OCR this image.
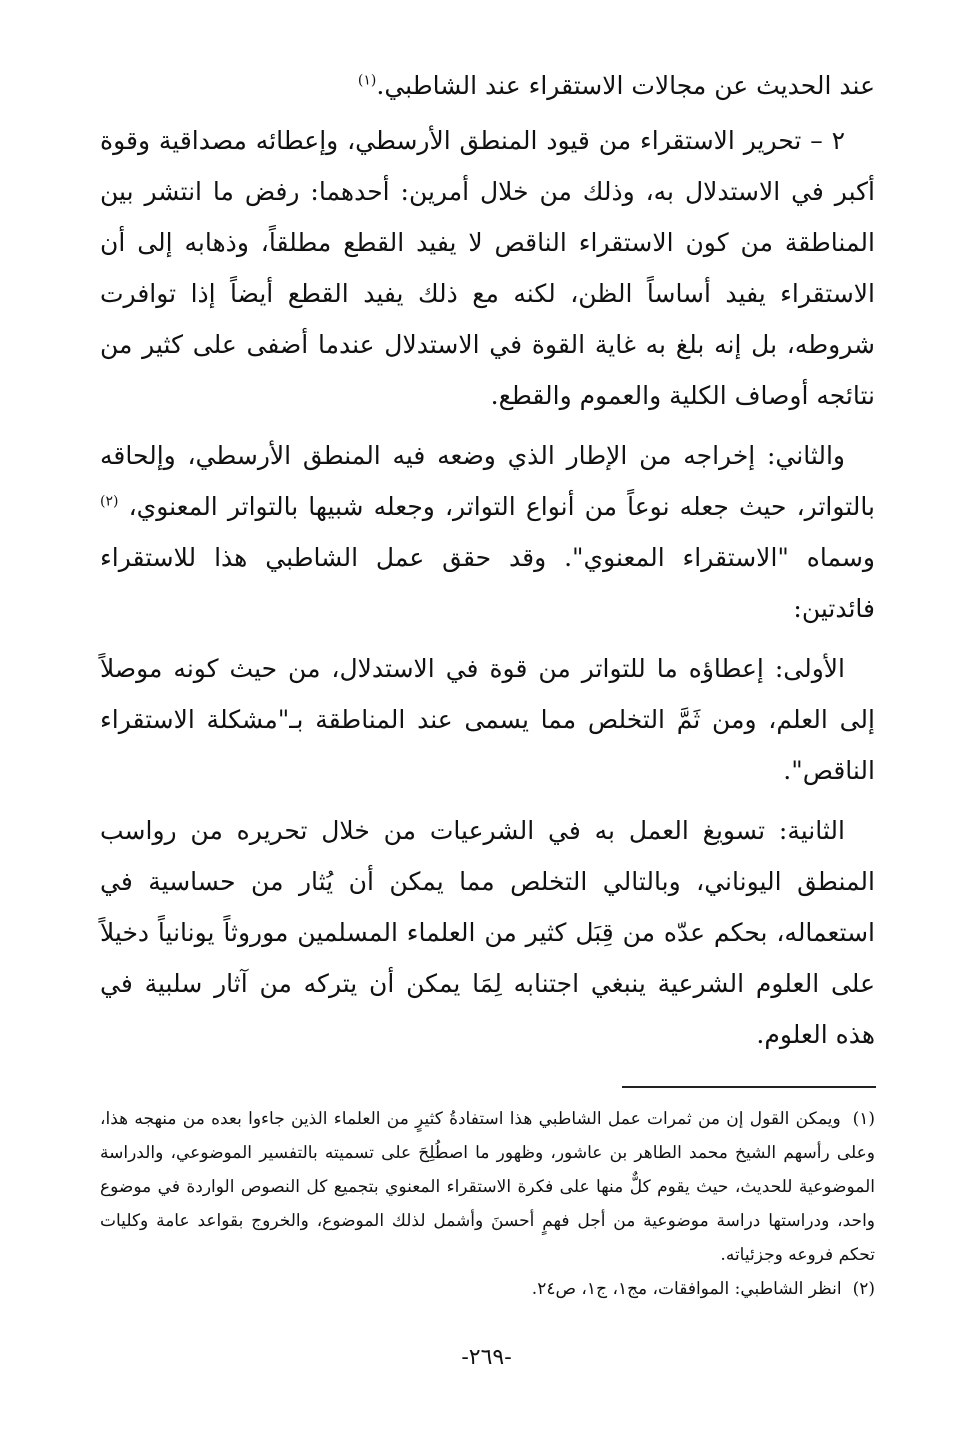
عند الحديث عن مجالات الاستقراء عند الشاطبي.$^{(١)}$

٢ – تحرير الاستقراء من قيود المنطق الأرسطي، وإعطائه مصداقية وقوة أكبر في الاستدلال به، وذلك من خلال أمرين: أحدهما: رفض ما انتشر بين المناطقة من كون الاستقراء الناقص لا يفيد القطع مطلقاً، وذهابه إلى أن الاستقراء يفيد أساساً الظن، لكنه مع ذلك يفيد القطع أيضاً إذا توافرت شروطه، بل إنه بلغ به غاية القوة في الاستدلال عندما أضفى على كثير من نتائجه أوصاف الكلية والعموم والقطع.

والثاني: إخراجه من الإطار الذي وضعه فيه المنطق الأرسطي، وإلحاقه بالتواتر، حيث جعله نوعاً من أنواع التواتر، وجعله شبيها بالتواتر المعنوي، $^{(٢)}$ وسماه "الاستقراء المعنوي". وقد حقق عمل الشاطبي هذا للاستقراء فائدتين:

الأولى: إعطاؤه ما للتواتر من قوة في الاستدلال، من حيث كونه موصلاً إلى العلم، ومن ثَمَّ التخلص مما يسمى عند المناطقة بـ"مشكلة الاستقراء الناقص".

الثانية: تسويغ العمل به في الشرعيات من خلال تحريره من رواسب المنطق اليوناني، وبالتالي التخلص مما يمكن أن يُثار من حساسية في استعماله، بحكم عدّه من قِبَل كثير من العلماء المسلمين موروثاً يونانياً دخيلاً على العلوم الشرعية ينبغي اجتنابه لِمَا يمكن أن يتركه من آثار سلبية في هذه العلوم.

(١) ويمكن القول إن من ثمرات عمل الشاطبي هذا استفادةُ كثيرٍ من العلماء الذين جاءوا بعده من منهجه هذا، وعلى رأسهم الشيخ محمد الطاهر بن عاشور، وظهور ما اصطُلِحَ على تسميته بالتفسير الموضوعي، والدراسة الموضوعية للحديث، حيث يقوم كلٌّ منها على فكرة الاستقراء المعنوي بتجميع كل النصوص الواردة في موضوع واحد، ودراستها دراسة موضوعية من أجل فهمٍ أحسنَ وأشمل لذلك الموضوع، والخروج بقواعد عامة وكليات تحكم فروعه وجزئياته.

(٢) انظر الشاطبي: الموافقات، مج١، ج١، ص٢٤.

-٢٦٩-
